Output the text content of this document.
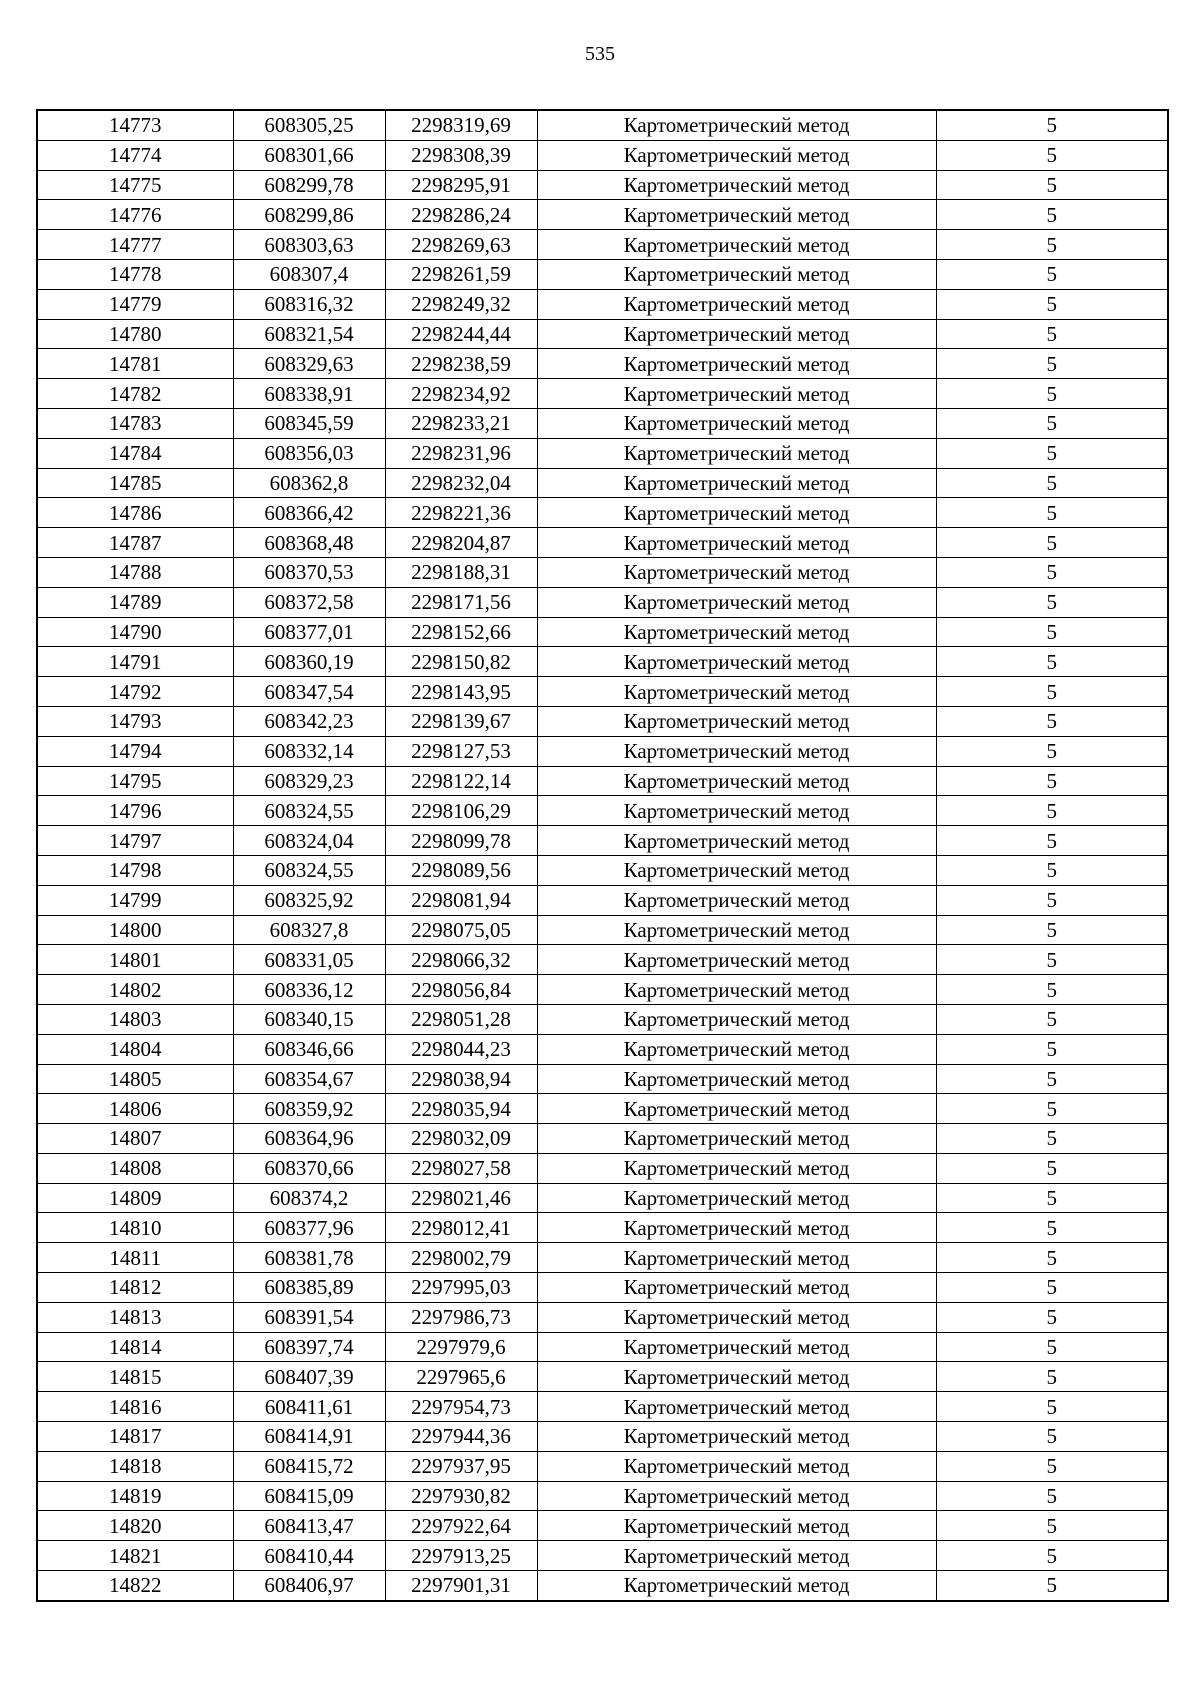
535
14773	608305,25	2298319,69	Картометрический метод	5
14774	608301,66	2298308,39	Картометрический метод	5
14775	608299,78	2298295,91	Картометрический метод	5
14776	608299,86	2298286,24	Картометрический метод	5
14777	608303,63	2298269,63	Картометрический метод	5
14778	608307,4	2298261,59	Картометрический метод	5
14779	608316,32	2298249,32	Картометрический метод	5
14780	608321,54	2298244,44	Картометрический метод	5
14781	608329,63	2298238,59	Картометрический метод	5
14782	608338,91	2298234,92	Картометрический метод	5
14783	608345,59	2298233,21	Картометрический метод	5
14784	608356,03	2298231,96	Картометрический метод	5
14785	608362,8	2298232,04	Картометрический метод	5
14786	608366,42	2298221,36	Картометрический метод	5
14787	608368,48	2298204,87	Картометрический метод	5
14788	608370,53	2298188,31	Картометрический метод	5
14789	608372,58	2298171,56	Картометрический метод	5
14790	608377,01	2298152,66	Картометрический метод	5
14791	608360,19	2298150,82	Картометрический метод	5
14792	608347,54	2298143,95	Картометрический метод	5
14793	608342,23	2298139,67	Картометрический метод	5
14794	608332,14	2298127,53	Картометрический метод	5
14795	608329,23	2298122,14	Картометрический метод	5
14796	608324,55	2298106,29	Картометрический метод	5
14797	608324,04	2298099,78	Картометрический метод	5
14798	608324,55	2298089,56	Картометрический метод	5
14799	608325,92	2298081,94	Картометрический метод	5
14800	608327,8	2298075,05	Картометрический метод	5
14801	608331,05	2298066,32	Картометрический метод	5
14802	608336,12	2298056,84	Картометрический метод	5
14803	608340,15	2298051,28	Картометрический метод	5
14804	608346,66	2298044,23	Картометрический метод	5
14805	608354,67	2298038,94	Картометрический метод	5
14806	608359,92	2298035,94	Картометрический метод	5
14807	608364,96	2298032,09	Картометрический метод	5
14808	608370,66	2298027,58	Картометрический метод	5
14809	608374,2	2298021,46	Картометрический метод	5
14810	608377,96	2298012,41	Картометрический метод	5
14811	608381,78	2298002,79	Картометрический метод	5
14812	608385,89	2297995,03	Картометрический метод	5
14813	608391,54	2297986,73	Картометрический метод	5
14814	608397,74	2297979,6	Картометрический метод	5
14815	608407,39	2297965,6	Картометрический метод	5
14816	608411,61	2297954,73	Картометрический метод	5
14817	608414,91	2297944,36	Картометрический метод	5
14818	608415,72	2297937,95	Картометрический метод	5
14819	608415,09	2297930,82	Картометрический метод	5
14820	608413,47	2297922,64	Картометрический метод	5
14821	608410,44	2297913,25	Картометрический метод	5
14822	608406,97	2297901,31	Картометрический метод	5
